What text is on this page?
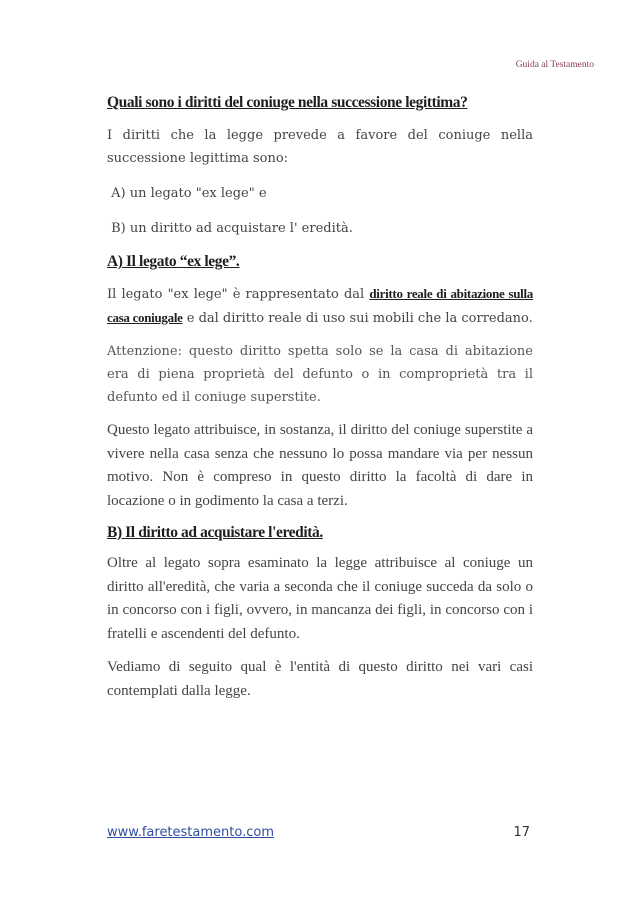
Guida al Testamento

Quali sono i diritti del coniuge nella successione legittima?

I diritti che la legge prevede a favore del coniuge nella successione legittima sono:

A) un legato "ex lege" e

B) un diritto ad acquistare l' eredità.

A) Il legato “ex lege”.

Il legato "ex lege" è rappresentato dal diritto reale di abitazione sulla casa coniugale e dal diritto reale di uso sui mobili che la corredano.

Attenzione: questo diritto spetta solo se la casa di abitazione era di piena proprietà del defunto o in comproprietà tra il defunto ed il coniuge superstite.

Questo legato attribuisce, in sostanza, il diritto del coniuge superstite a vivere nella casa senza che nessuno lo possa mandare via per nessun motivo. Non è compreso in questo diritto la facoltà di dare in locazione o in godimento la casa a terzi.

B) Il diritto ad acquistare l'eredità.

Oltre al legato sopra esaminato la legge attribuisce al coniuge un diritto all'eredità, che varia a seconda che il coniuge succeda da solo o in concorso con i figli, ovvero, in mancanza dei figli, in concorso con i fratelli e ascendenti del defunto.

Vediamo di seguito qual è l'entità di questo diritto nei vari casi contemplati dalla legge.

www.faretestamento.com	17
